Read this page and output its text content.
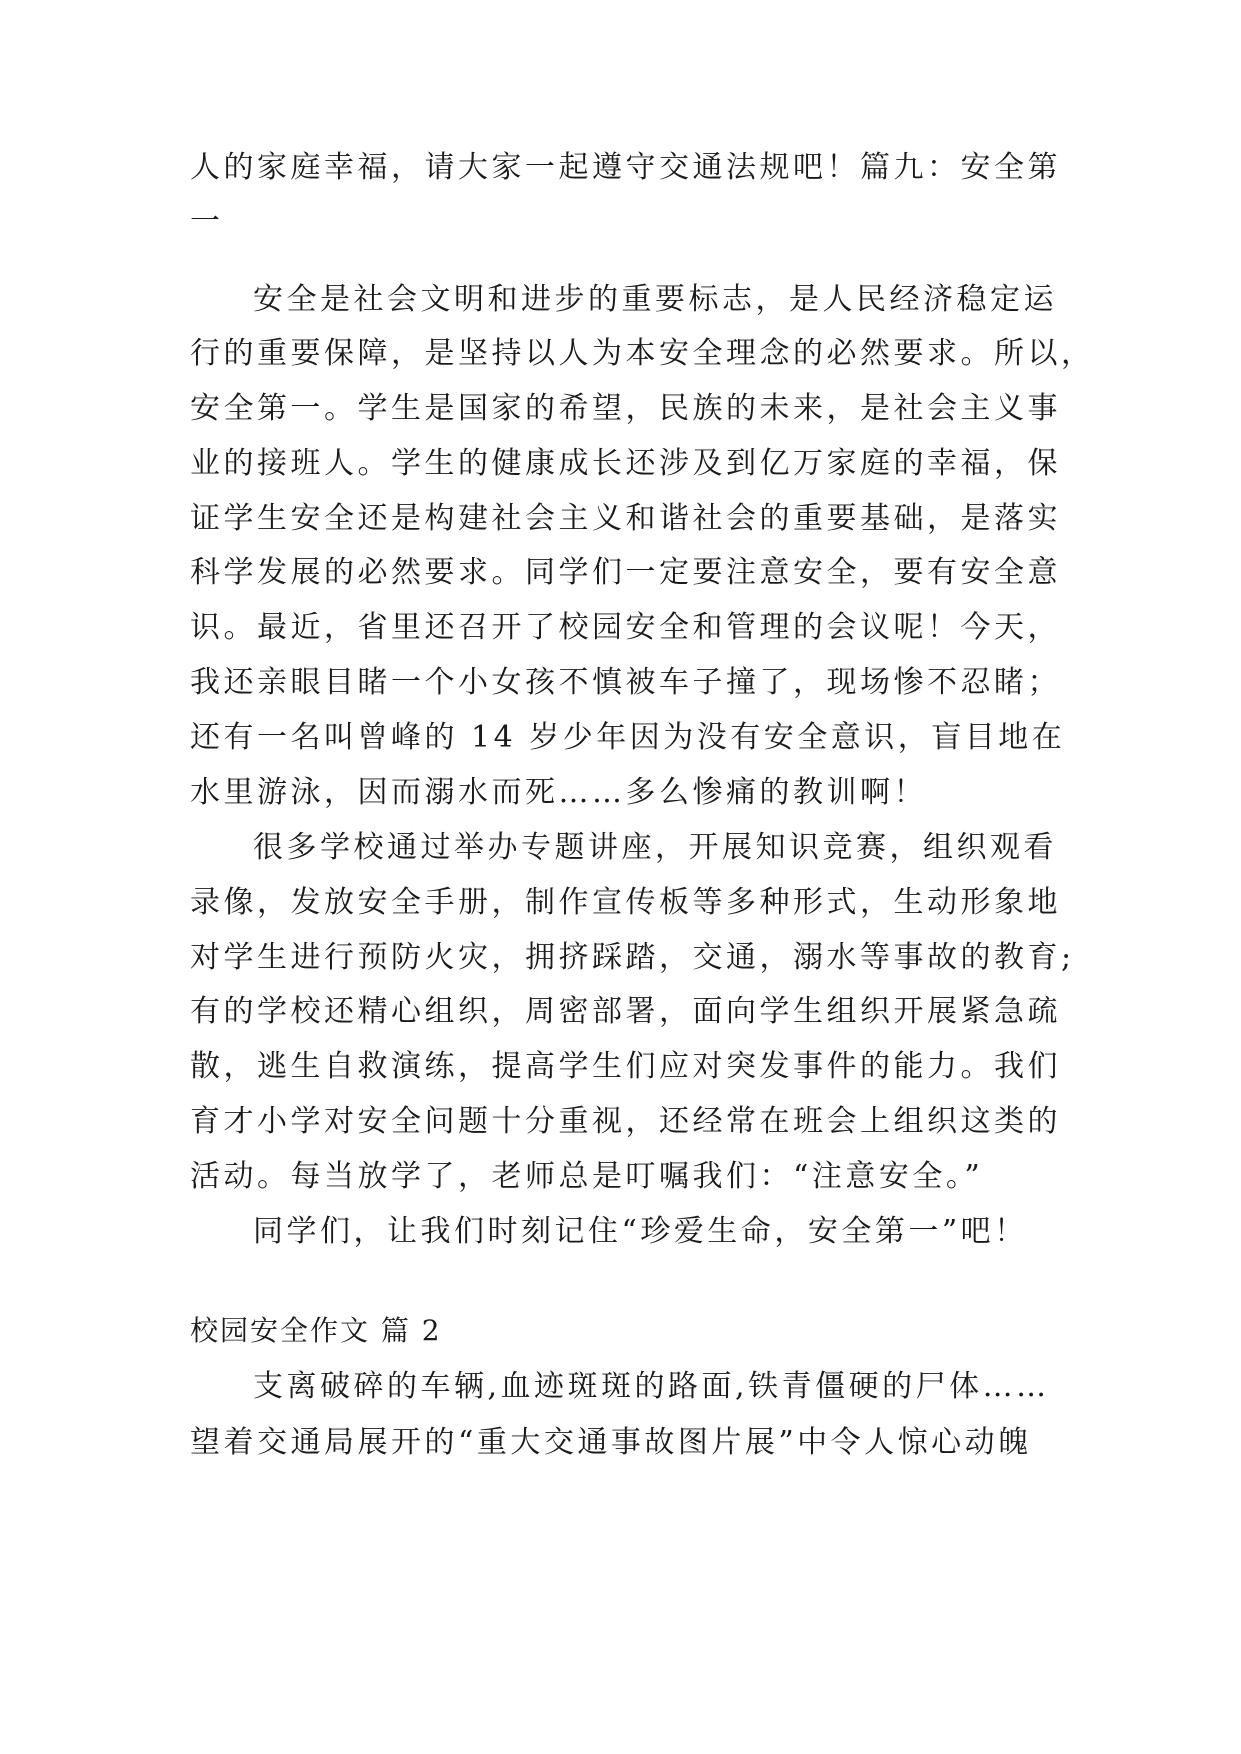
人的家庭幸福，请大家一起遵守交通法规吧！篇九：安全第
一
安全是社会文明和进步的重要标志，是人民经济稳定运
行的重要保障，是坚持以人为本安全理念的必然要求。所以，
安全第一。学生是国家的希望，民族的未来，是社会主义事
业的接班人。学生的健康成长还涉及到亿万家庭的幸福，保
证学生安全还是构建社会主义和谐社会的重要基础，是落实
科学发展的必然要求。同学们一定要注意安全，要有安全意
识。最近，省里还召开了校园安全和管理的会议呢！今天，
我还亲眼目睹一个小女孩不慎被车子撞了，现场惨不忍睹；
还有一名叫曾峰的 14 岁少年因为没有安全意识，盲目地在
水里游泳，因而溺水而死……多么惨痛的教训啊！
很多学校通过举办专题讲座，开展知识竞赛，组织观看
录像，发放安全手册，制作宣传板等多种形式，生动形象地
对学生进行预防火灾，拥挤踩踏，交通，溺水等事故的教育;
有的学校还精心组织，周密部署，面向学生组织开展紧急疏
散，逃生自救演练，提高学生们应对突发事件的能力。我们
育才小学对安全问题十分重视，还经常在班会上组织这类的
活动。每当放学了，老师总是叮嘱我们：“注意安全。”
同学们，让我们时刻记住“珍爱生命，安全第一”吧！
校园安全作文 篇 2
支离破碎的车辆,血迹斑斑的路面,铁青僵硬的尸体……
望着交通局展开的“重大交通事故图片展”中令人惊心动魄
